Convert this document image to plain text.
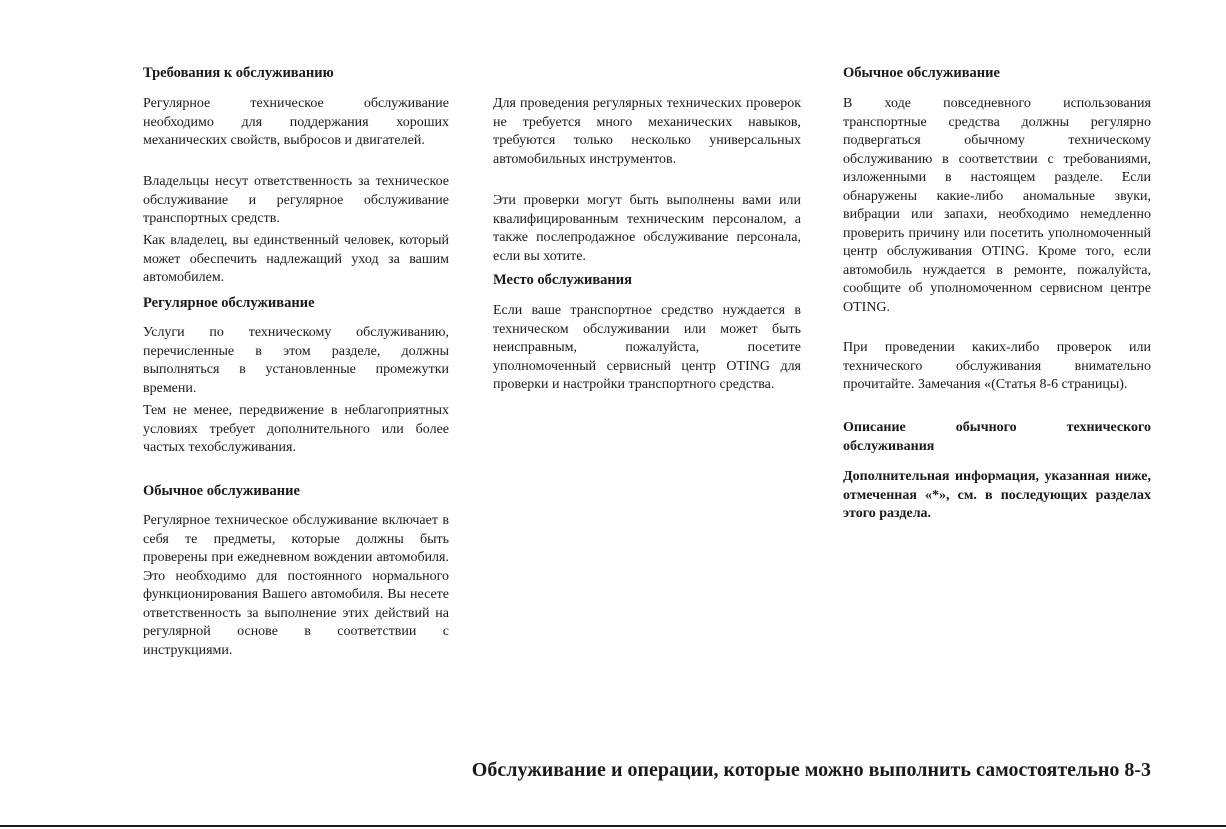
Требования к обслуживанию

Регулярное техническое обслуживание необходимо для поддержания хороших механических свойств, выбросов и двигателей.

Владельцы несут ответственность за техническое обслуживание и регулярное обслуживание транспортных средств.

Как владелец, вы единственный человек, который может обеспечить надлежащий уход за вашим автомобилем.

Регулярное обслуживание

Услуги по техническому обслуживанию, перечисленные в этом разделе, должны выполняться в установленные промежутки времени.

Тем не менее, передвижение в неблагоприятных условиях требует дополнительного или более частых техобслуживания.

Обычное обслуживание

Регулярное техническое обслуживание включает в себя те предметы, которые должны быть проверены при ежедневном вождении автомобиля. Это необходимо для постоянного нормального функционирования Вашего автомобиля. Вы несете ответственность за выполнение этих действий на регулярной основе в соответствии с инструкциями.

Для проведения регулярных технических проверок не требуется много механических навыков, требуются только несколько универсальных автомобильных инструментов.

Эти проверки могут быть выполнены вами или квалифицированным техническим персоналом, а также послепродажное обслуживание персонала, если вы хотите.

Место обслуживания

Если ваше транспортное средство нуждается в техническом обслуживании или может быть неисправным, пожалуйста, посетите уполномоченный сервисный центр OTING для проверки и настройки транспортного средства.

Обычное обслуживание

В ходе повседневного использования транспортные средства должны регулярно подвергаться обычному техническому обслуживанию в соответствии с требованиями, изложенными в настоящем разделе. Если обнаружены какие-либо аномальные звуки, вибрации или запахи, необходимо немедленно проверить причину или посетить уполномоченный центр обслуживания OTING. Кроме того, если автомобиль нуждается в ремонте, пожалуйста, сообщите об уполномоченном сервисном центре OTING.

При проведении каких-либо проверок или технического обслуживания внимательно прочитайте. Замечания «(Статья 8-6 страницы).

Описание обычного технического обслуживания

Дополнительная информация, указанная ниже, отмеченная «*», см. в последующих разделах этого раздела.

Обслуживание и операции, которые можно выполнить самостоятельно 8-3
